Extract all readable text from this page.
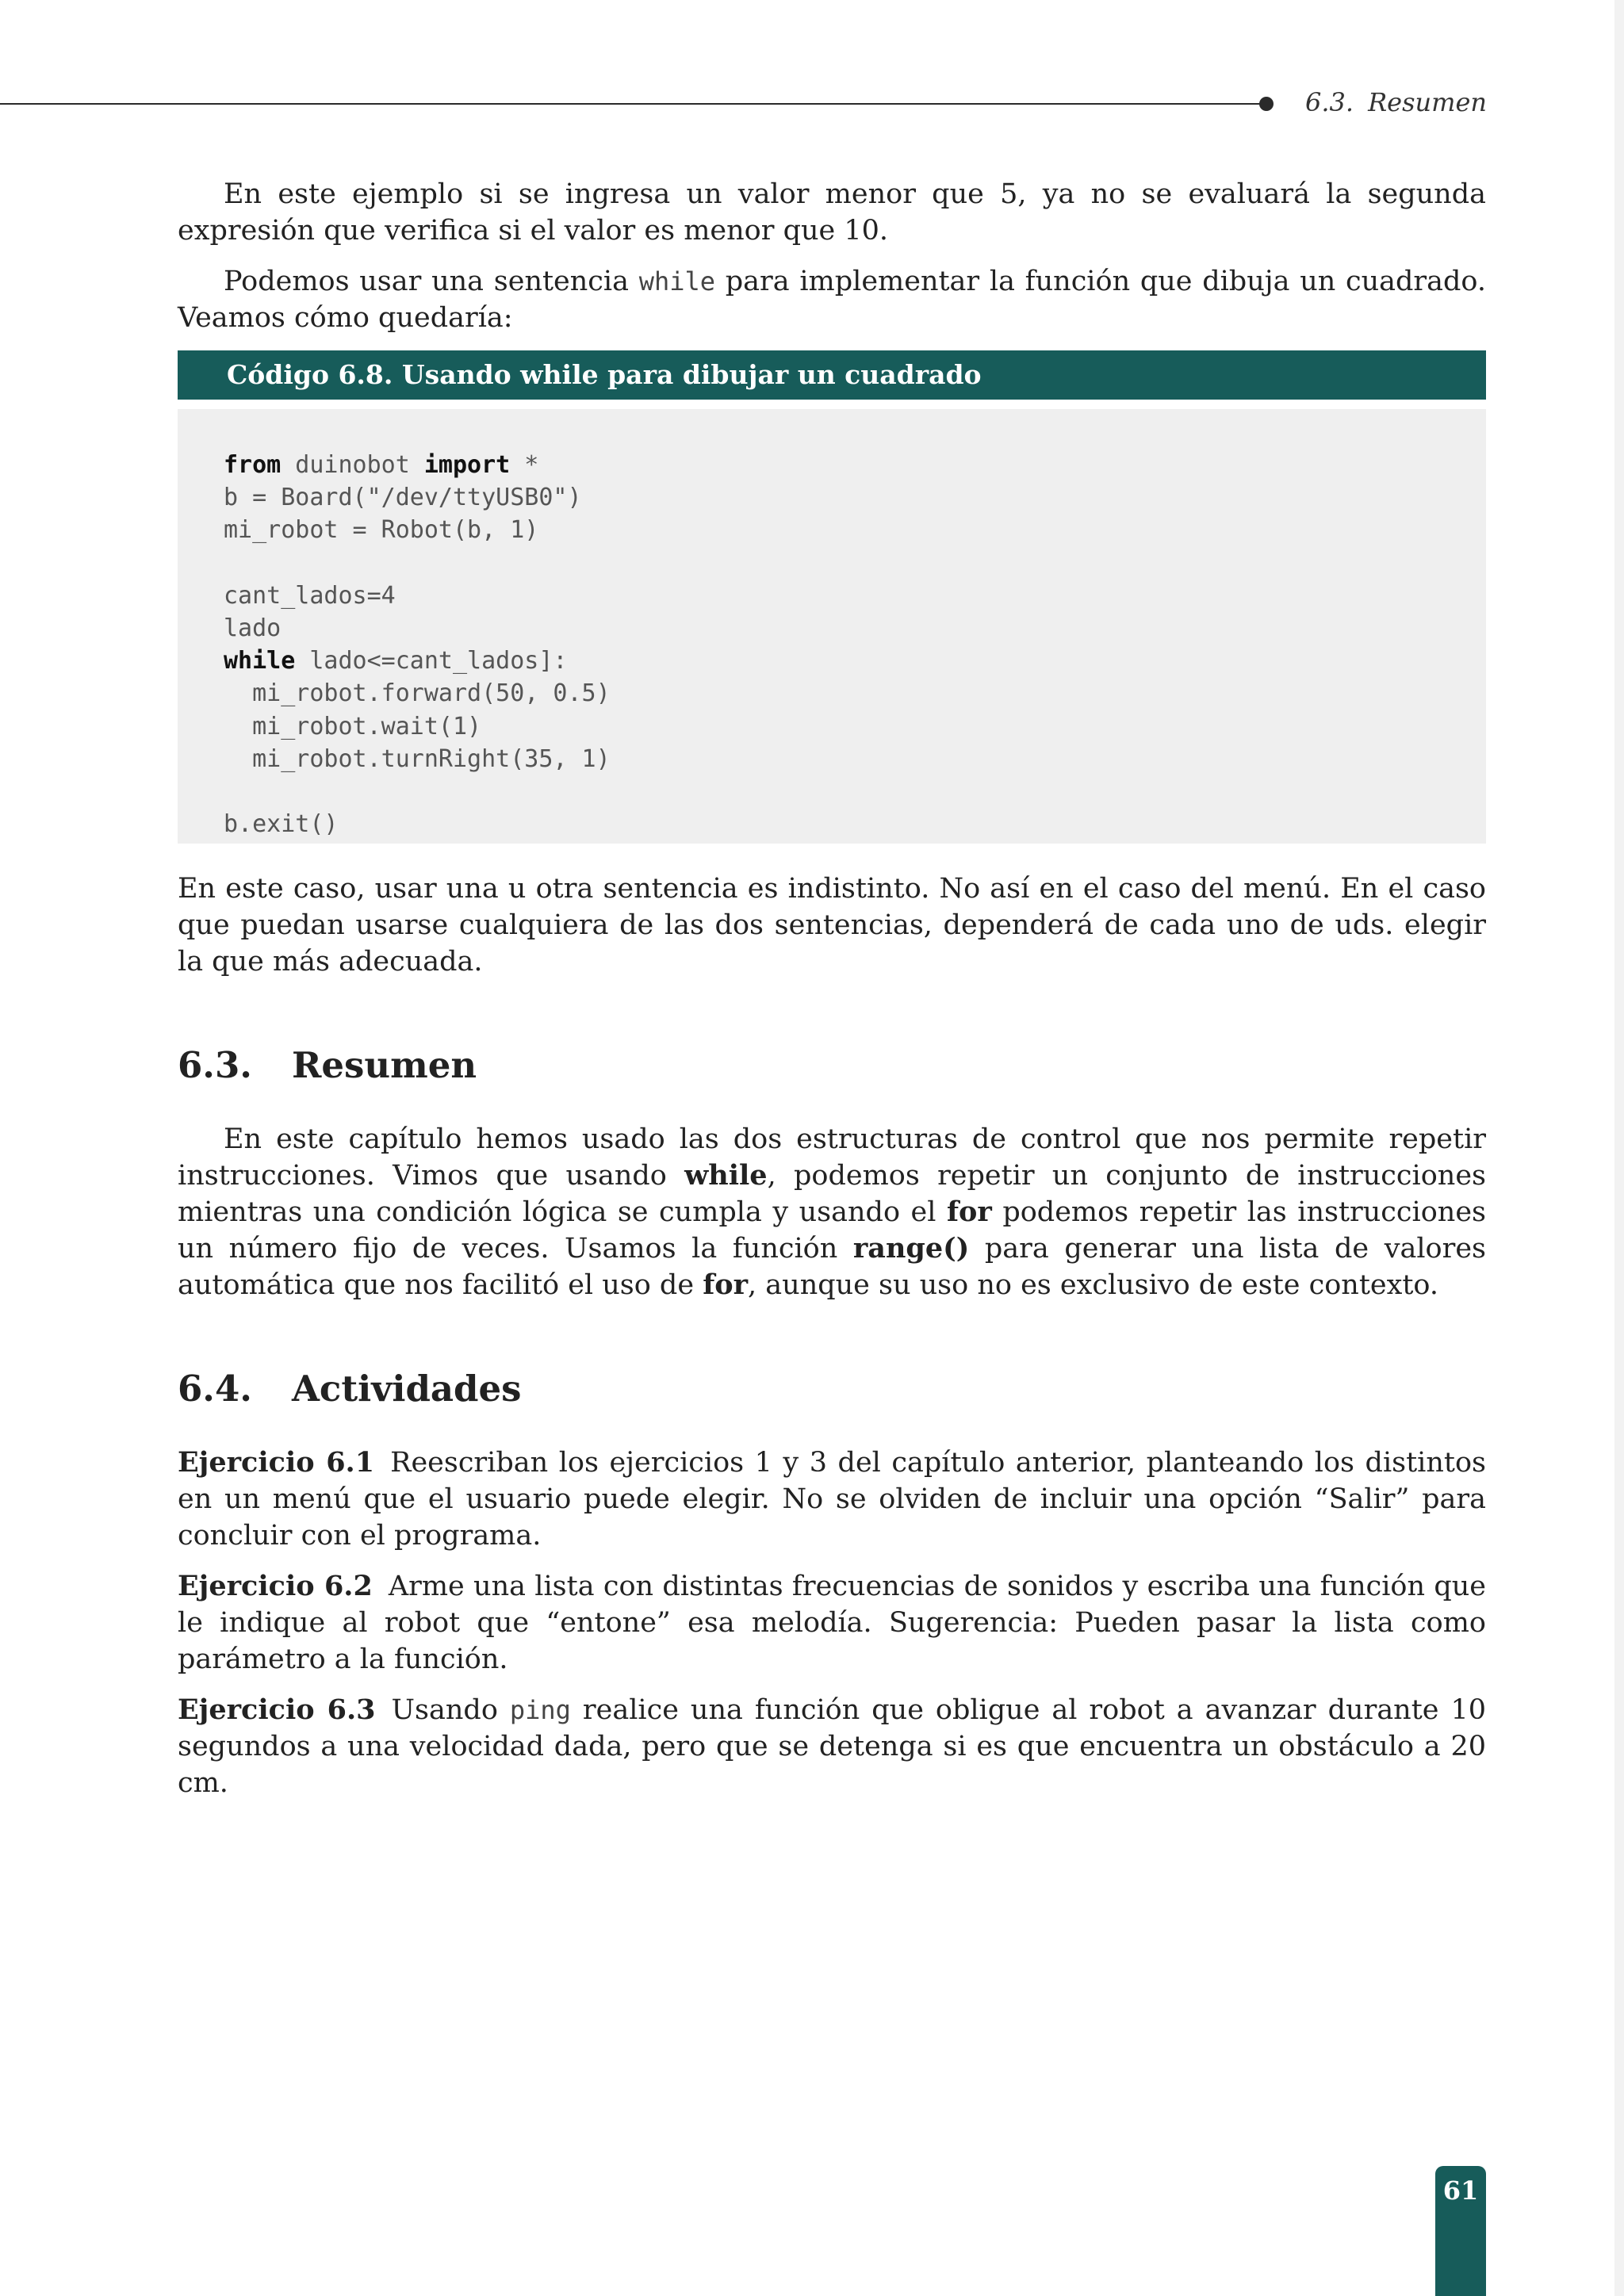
6.3. Resumen

En este ejemplo si se ingresa un valor menor que 5, ya no se evaluará la segunda expresión que verifica si el valor es menor que 10.

Podemos usar una sentencia while para implementar la función que dibuja un cuadrado. Veamos cómo quedaría:

Código 6.8. Usando while para dibujar un cuadrado
from duinobot import *
b = Board("/dev/ttyUSB0")
mi_robot = Robot(b, 1)
cant_lados=4
lado
while lado<=cant_lados]:
mi_robot.forward(50, 0.5)
mi_robot.wait(1)
mi_robot.turnRight(35, 1)
b.exit()

En este caso, usar una u otra sentencia es indistinto. No así en el caso del menú. En el caso que puedan usarse cualquiera de las dos sentencias, dependerá de cada uno de uds. elegir la que más adecuada.

6.3. Resumen

En este capítulo hemos usado las dos estructuras de control que nos permite repetir instrucciones. Vimos que usando while, podemos repetir un conjunto de instrucciones mientras una condición lógica se cumpla y usando el for podemos repetir las instrucciones un número fijo de veces. Usamos la función range() para generar una lista de valores automática que nos facilitó el uso de for, aunque su uso no es exclusivo de este contexto.

6.4. Actividades

Ejercicio 6.1 Reescriban los ejercicios 1 y 3 del capítulo anterior, planteando los distintos en un menú que el usuario puede elegir. No se olviden de incluir una opción “Salir” para concluir con el programa.

Ejercicio 6.2 Arme una lista con distintas frecuencias de sonidos y escriba una función que le indique al robot que “entone” esa melodía. Sugerencia: Pueden pasar la lista como parámetro a la función.

Ejercicio 6.3 Usando ping realice una función que obligue al robot a avanzar durante 10 segundos a una velocidad dada, pero que se detenga si es que encuentra un obstáculo a 20 cm.

61
